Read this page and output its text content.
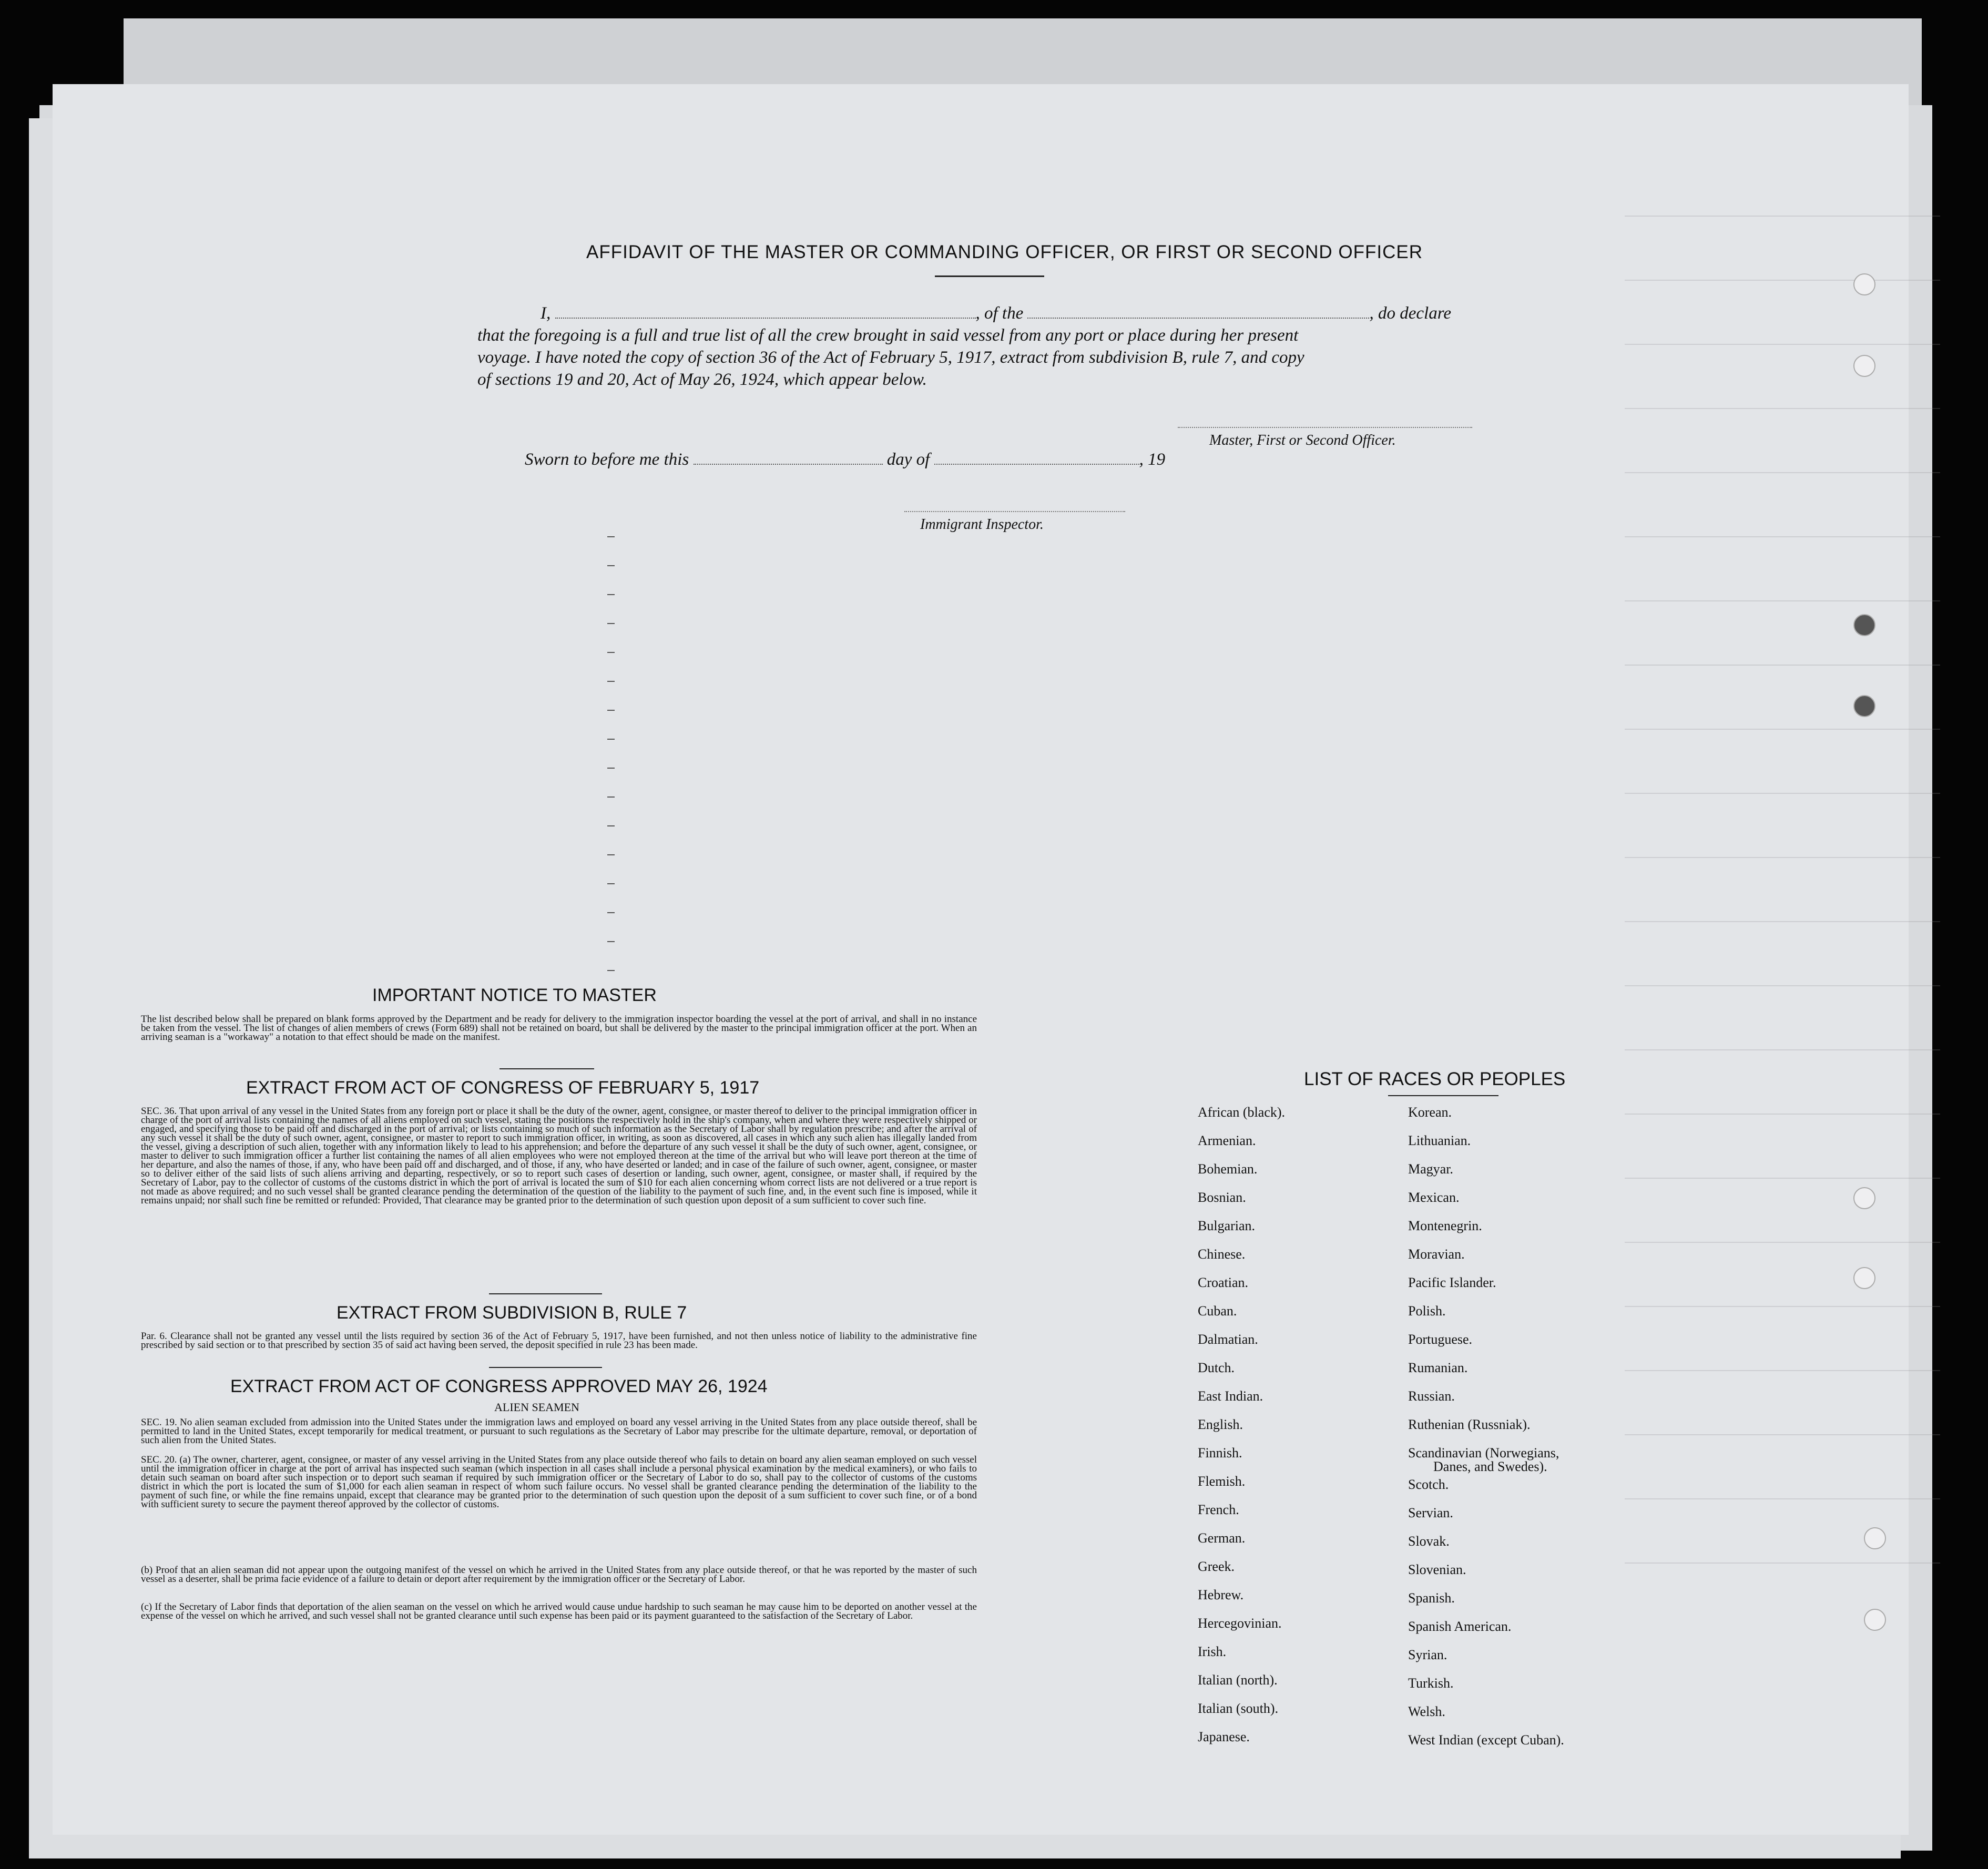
AFFIDAVIT OF THE MASTER OR COMMANDING OFFICER, OR FIRST OR SECOND OFFICER
I,	, of the	, do declare
that the foregoing is a full and true list of all the crew brought in said vessel from any port or place during her present
voyage. I have noted the copy of section 36 of the Act of February 5, 1917, extract from subdivision B, rule 7, and copy
of sections 19 and 20, Act of May 26, 1924, which appear below.
Master, First or Second Officer.
Sworn to before me this	day of	, 19
Immigrant Inspector.
IMPORTANT NOTICE TO MASTER
The list described below shall be prepared on blank forms approved by the Department and be ready for delivery to the immigration inspector boarding the vessel at the port of arrival, and shall in no instance be taken from the vessel. The list of changes of alien members of crews (Form 689) shall not be retained on board, but shall be delivered by the master to the principal immigration officer at the port. When an arriving seaman is a "workaway" a notation to that effect should be made on the manifest.
EXTRACT FROM ACT OF CONGRESS OF FEBRUARY 5, 1917
SEC. 36. That upon arrival of any vessel in the United States from any foreign port or place it shall be the duty of the owner, agent, consignee, or master thereof to deliver to the principal immigration officer in charge of the port of arrival lists containing the names of all aliens employed on such vessel, stating the positions the respectively hold in the ship's company, when and where they were respectively shipped or engaged, and specifying those to be paid off and discharged in the port of arrival; or lists containing so much of such information as the Secretary of Labor shall by regulation prescribe; and after the arrival of any such vessel it shall be the duty of such owner, agent, consignee, or master to report to such immigration officer, in writing, as soon as discovered, all cases in which any such alien has illegally landed from the vessel, giving a description of such alien, together with any information likely to lead to his apprehension; and before the departure of any such vessel it shall be the duty of such owner, agent, consignee, or master to deliver to such immigration officer a further list containing the names of all alien employees who were not employed thereon at the time of the arrival but who will leave port thereon at the time of her departure, and also the names of those, if any, who have been paid off and discharged, and of those, if any, who have deserted or landed; and in case of the failure of such owner, agent, consignee, or master so to deliver either of the said lists of such aliens arriving and departing, respectively, or so to report such cases of desertion or landing, such owner, agent, consignee, or master shall, if required by the Secretary of Labor, pay to the collector of customs of the customs district in which the port of arrival is located the sum of $10 for each alien concerning whom correct lists are not delivered or a true report is not made as above required; and no such vessel shall be granted clearance pending the determination of the question of the liability to the payment of such fine, and, in the event such fine is imposed, while it remains unpaid; nor shall such fine be remitted or refunded: Provided, That clearance may be granted prior to the determination of such question upon deposit of a sum sufficient to cover such fine.
EXTRACT FROM SUBDIVISION B, RULE 7
Par. 6. Clearance shall not be granted any vessel until the lists required by section 36 of the Act of February 5, 1917, have been furnished, and not then unless notice of liability to the administrative fine prescribed by said section or to that prescribed by section 35 of said act having been served, the deposit specified in rule 23 has been made.
EXTRACT FROM ACT OF CONGRESS APPROVED MAY 26, 1924
ALIEN SEAMEN
SEC. 19. No alien seaman excluded from admission into the United States under the immigration laws and employed on board any vessel arriving in the United States from any place outside thereof, shall be permitted to land in the United States, except temporarily for medical treatment, or pursuant to such regulations as the Secretary of Labor may prescribe for the ultimate departure, removal, or deportation of such alien from the United States.
SEC. 20. (a) The owner, charterer, agent, consignee, or master of any vessel arriving in the United States from any place outside thereof who fails to detain on board any alien seaman employed on such vessel until the immigration officer in charge at the port of arrival has inspected such seaman (which inspection in all cases shall include a personal physical examination by the medical examiners), or who fails to detain such seaman on board after such inspection or to deport such seaman if required by such immigration officer or the Secretary of Labor to do so, shall pay to the collector of customs of the customs district in which the port is located the sum of $1,000 for each alien seaman in respect of whom such failure occurs. No vessel shall be granted clearance pending the determination of the liability to the payment of such fine, or while the fine remains unpaid, except that clearance may be granted prior to the determination of such question upon the deposit of a sum sufficient to cover such fine, or of a bond with sufficient surety to secure the payment thereof approved by the collector of customs.
(b) Proof that an alien seaman did not appear upon the outgoing manifest of the vessel on which he arrived in the United States from any place outside thereof, or that he was reported by the master of such vessel as a deserter, shall be prima facie evidence of a failure to detain or deport after requirement by the immigration officer or the Secretary of Labor.
(c) If the Secretary of Labor finds that deportation of the alien seaman on the vessel on which he arrived would cause undue hardship to such seaman he may cause him to be deported on another vessel at the expense of the vessel on which he arrived, and such vessel shall not be granted clearance until such expense has been paid or its payment guaranteed to the satisfaction of the Secretary of Labor.
LIST OF RACES OR PEOPLES
African (black).
Armenian.
Bohemian.
Bosnian.
Bulgarian.
Chinese.
Croatian.
Cuban.
Dalmatian.
Dutch.
East Indian.
English.
Finnish.
Flemish.
French.
German.
Greek.
Hebrew.
Hercegovinian.
Irish.
Italian (north).
Italian (south).
Japanese.
Korean.
Lithuanian.
Magyar.
Mexican.
Montenegrin.
Moravian.
Pacific Islander.
Polish.
Portuguese.
Rumanian.
Russian.
Ruthenian (Russniak).
Scandinavian (Norwegians,
Danes, and Swedes).
Scotch.
Servian.
Slovak.
Slovenian.
Spanish.
Spanish American.
Syrian.
Turkish.
Welsh.
West Indian (except Cuban).
